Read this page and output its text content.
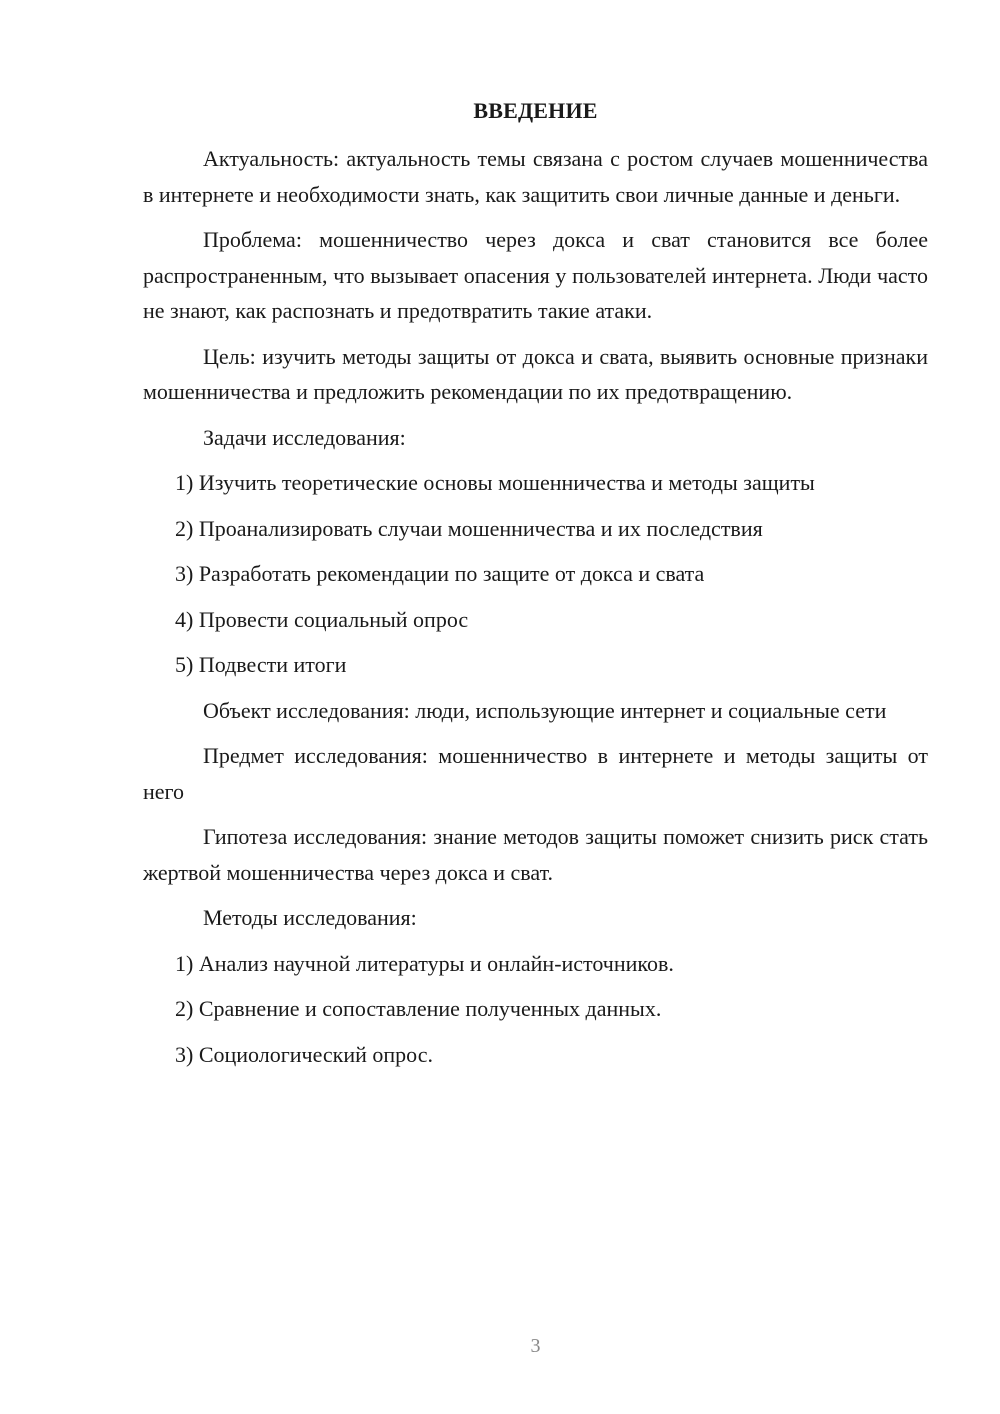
ВВЕДЕНИЕ

Актуальность: актуальность темы связана с ростом случаев мошенничества в интернете и необходимости знать, как защитить свои личные данные и деньги.

Проблема: мошенничество через докса и сват становится все более распространенным, что вызывает опасения у пользователей интернета. Люди часто не знают, как распознать и предотвратить такие атаки.

Цель: изучить методы защиты от докса и свата, выявить основные признаки мошенничества и предложить рекомендации по их предотвращению.

Задачи исследования:

1) Изучить теоретические основы мошенничества и методы защиты
2) Проанализировать случаи мошенничества и их последствия
3) Разработать рекомендации по защите от докса и свата
4) Провести социальный опрос
5) Подвести итоги

Объект исследования: люди, использующие интернет и социальные сети

Предмет исследования: мошенничество в интернете и методы защиты от него

Гипотеза исследования: знание методов защиты поможет снизить риск стать жертвой мошенничества через докса и сват.

Методы исследования:

1) Анализ научной литературы и онлайн-источников.
2) Сравнение и сопоставление полученных данных.
3) Социологический опрос.
3
